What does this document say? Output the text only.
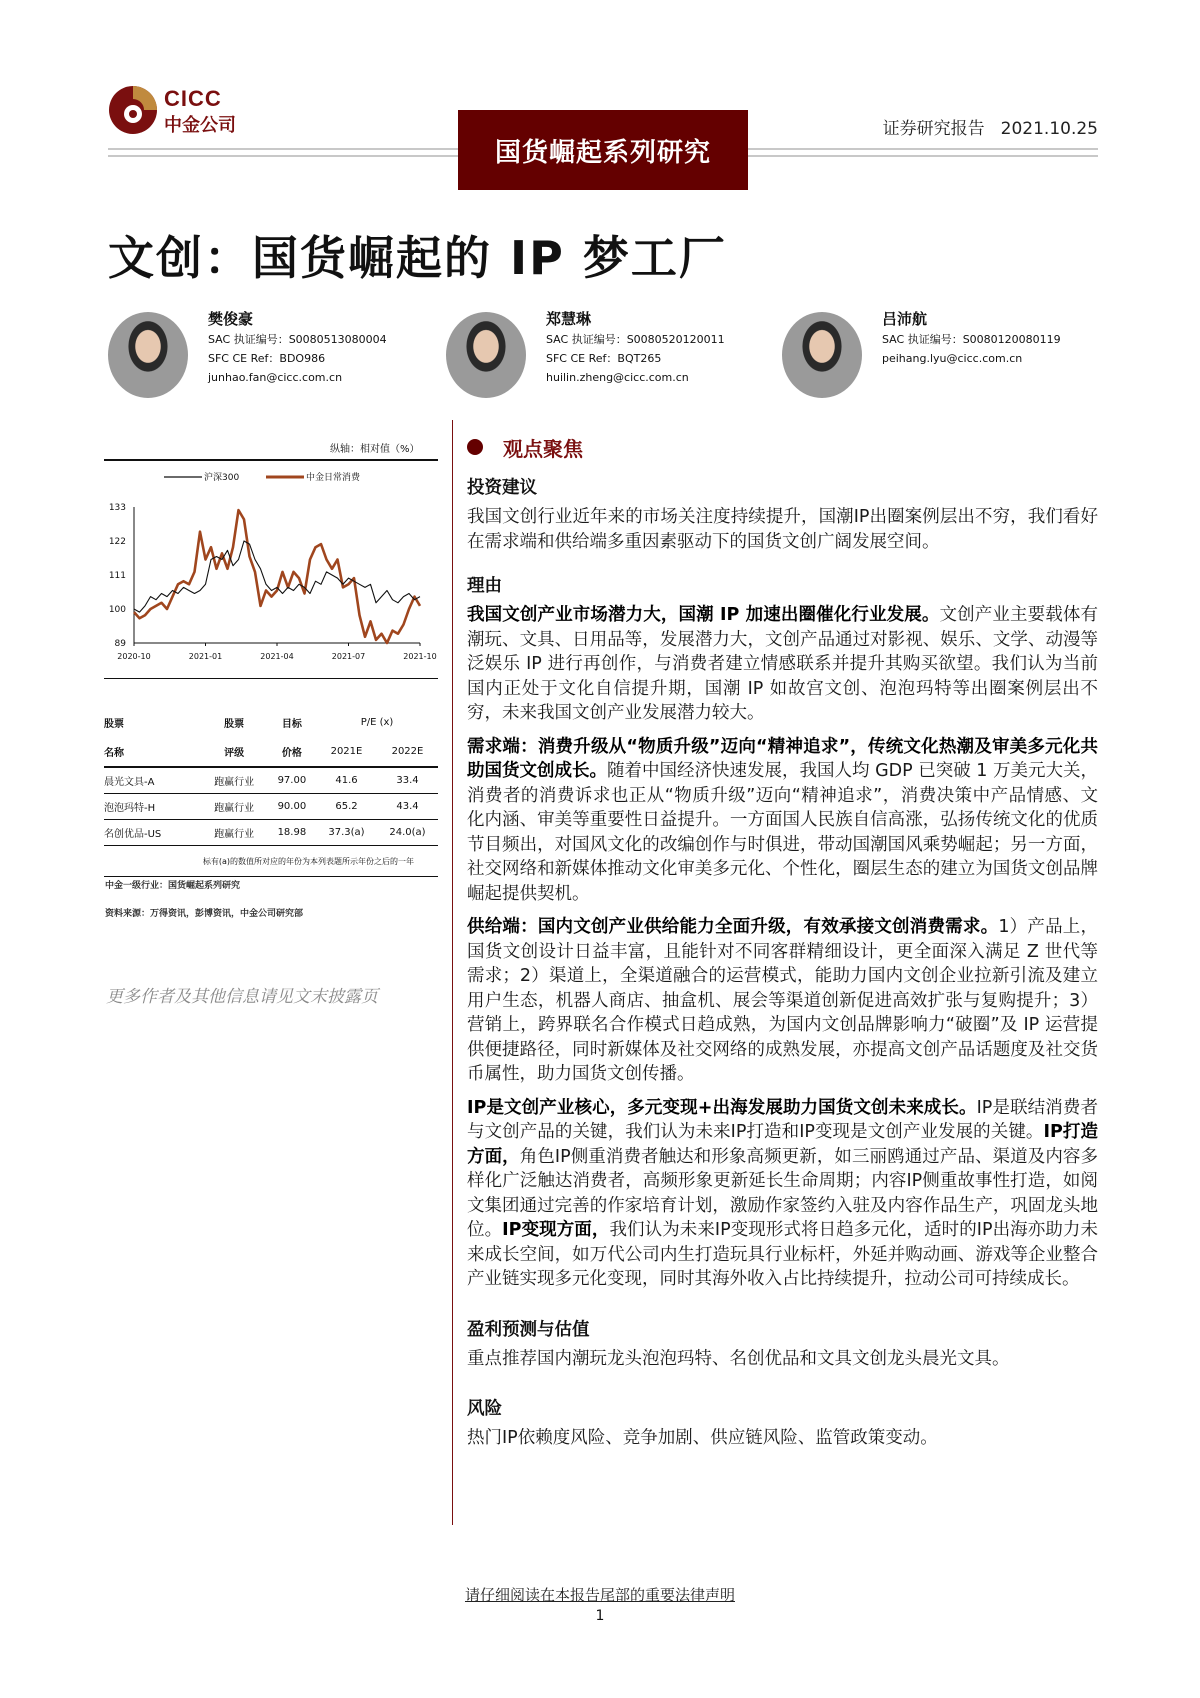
CICC
中金公司
国货崛起系列研究
证券研究报告 2021.10.25
文创：国货崛起的 IP 梦工厂
樊俊豪
SAC 执证编号：S0080513080004
SFC CE Ref：BDO986
junhao.fan@cicc.com.cn
郑慧琳
SAC 执证编号：S0080520120011
SFC CE Ref：BQT265
huilin.zheng@cicc.com.cn
吕沛航
SAC 执证编号：S0080120080119
peihang.lyu@cicc.com.cn
纵轴：相对值（%）
133
122
111
100
89
2020-10	2021-01	2021-04	2021-07	2021-10
沪深300	中金日常消费
股票	股票	目标	P/E (x)
名称	评级	价格	2021E	2022E
晨光文具-A	跑赢行业	97.00	41.6	33.4
泡泡玛特-H	跑赢行业	90.00	65.2	43.4
名创优品-US	跑赢行业	18.98	37.3(a)	24.0(a)
标有(a)的数值所对应的年份为本列表题所示年份之后的一年
中金一级行业：国货崛起系列研究
资料来源：万得资讯，彭博资讯，中金公司研究部
更多作者及其他信息请见文末披露页
观点聚焦
投资建议

我国文创行业近年来的市场关注度持续提升，国潮IP出圈案例层出不穷，我们看好在需求端和供给端多重因素驱动下的国货文创广阔发展空间。

理由

我国文创产业市场潜力大，国潮 IP 加速出圈催化行业发展。文创产业主要载体有潮玩、文具、日用品等，发展潜力大，文创产品通过对影视、娱乐、文学、动漫等泛娱乐 IP 进行再创作，与消费者建立情感联系并提升其购买欲望。我们认为当前国内正处于文化自信提升期，国潮 IP 如故宫文创、泡泡玛特等出圈案例层出不穷，未来我国文创产业发展潜力较大。

需求端：消费升级从“物质升级”迈向“精神追求”，传统文化热潮及审美多元化共助国货文创成长。随着中国经济快速发展，我国人均 GDP 已突破 1 万美元大关，消费者的消费诉求也正从“物质升级”迈向“精神追求”，消费决策中产品情感、文化内涵、审美等重要性日益提升。一方面国人民族自信高涨，弘扬传统文化的优质节目频出，对国风文化的改编创作与时俱进，带动国潮国风乘势崛起；另一方面，社交网络和新媒体推动文化审美多元化、个性化，圈层生态的建立为国货文创品牌崛起提供契机。

供给端：国内文创产业供给能力全面升级，有效承接文创消费需求。1）产品上，国货文创设计日益丰富，且能针对不同客群精细设计，更全面深入满足 Z 世代等需求；2）渠道上，全渠道融合的运营模式，能助力国内文创企业拉新引流及建立用户生态，机器人商店、抽盒机、展会等渠道创新促进高效扩张与复购提升；3）营销上，跨界联名合作模式日趋成熟，为国内文创品牌影响力“破圈”及 IP 运营提供便捷路径，同时新媒体及社交网络的成熟发展，亦提高文创产品话题度及社交货币属性，助力国货文创传播。

IP是文创产业核心，多元变现+出海发展助力国货文创未来成长。IP是联结消费者与文创产品的关键，我们认为未来IP打造和IP变现是文创产业发展的关键。IP打造方面，角色IP侧重消费者触达和形象高频更新，如三丽鸥通过产品、渠道及内容多样化广泛触达消费者，高频形象更新延长生命周期；内容IP侧重故事性打造，如阅文集团通过完善的作家培育计划，激励作家签约入驻及内容作品生产，巩固龙头地位。IP变现方面，我们认为未来IP变现形式将日趋多元化，适时的IP出海亦助力未来成长空间，如万代公司内生打造玩具行业标杆，外延并购动画、游戏等企业整合产业链实现多元化变现，同时其海外收入占比持续提升，拉动公司可持续成长。

盈利预测与估值

重点推荐国内潮玩龙头泡泡玛特、名创优品和文具文创龙头晨光文具。

风险

热门IP依赖度风险、竞争加剧、供应链风险、监管政策变动。

请仔细阅读在本报告尾部的重要法律声明
1
